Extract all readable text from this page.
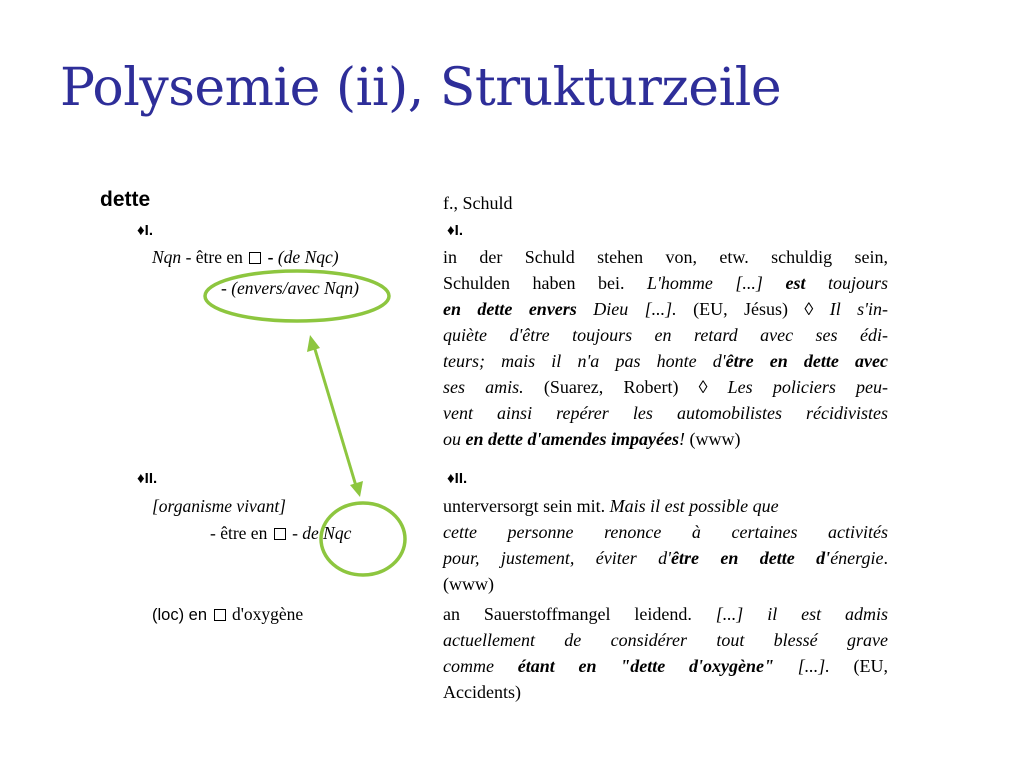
Polysemie (ii), Strukturzeile
dette
♦I.
Nqn - être en  - (de Nqc)
- (envers/avec Nqn)
♦II.
[organisme vivant]
- être en  - de Nqc
(loc) en  d'oxygène
f., Schuld
♦I.
in der Schuld stehen von, etw. schuldig sein,
Schulden haben bei. L'homme [...] est toujours
en dette envers Dieu [...]. (EU, Jésus) ◊ Il s'in-
quiète d'être toujours en retard avec ses édi-
teurs; mais il n'a pas honte d'être en dette avec
ses amis. (Suarez, Robert) ◊ Les policiers peu-
vent ainsi repérer les automobilistes récidivistes
ou en dette d'amendes impayées! (www)
♦II.
unterversorgt sein mit. Mais il est possible que
cette personne renonce à certaines activités
pour, justement, éviter d'être en dette d'énergie.
(www)
an Sauerstoffmangel leidend. [...] il est admis
actuellement de considérer tout blessé grave
comme étant en "dette d'oxygène" [...]. (EU,
Accidents)
